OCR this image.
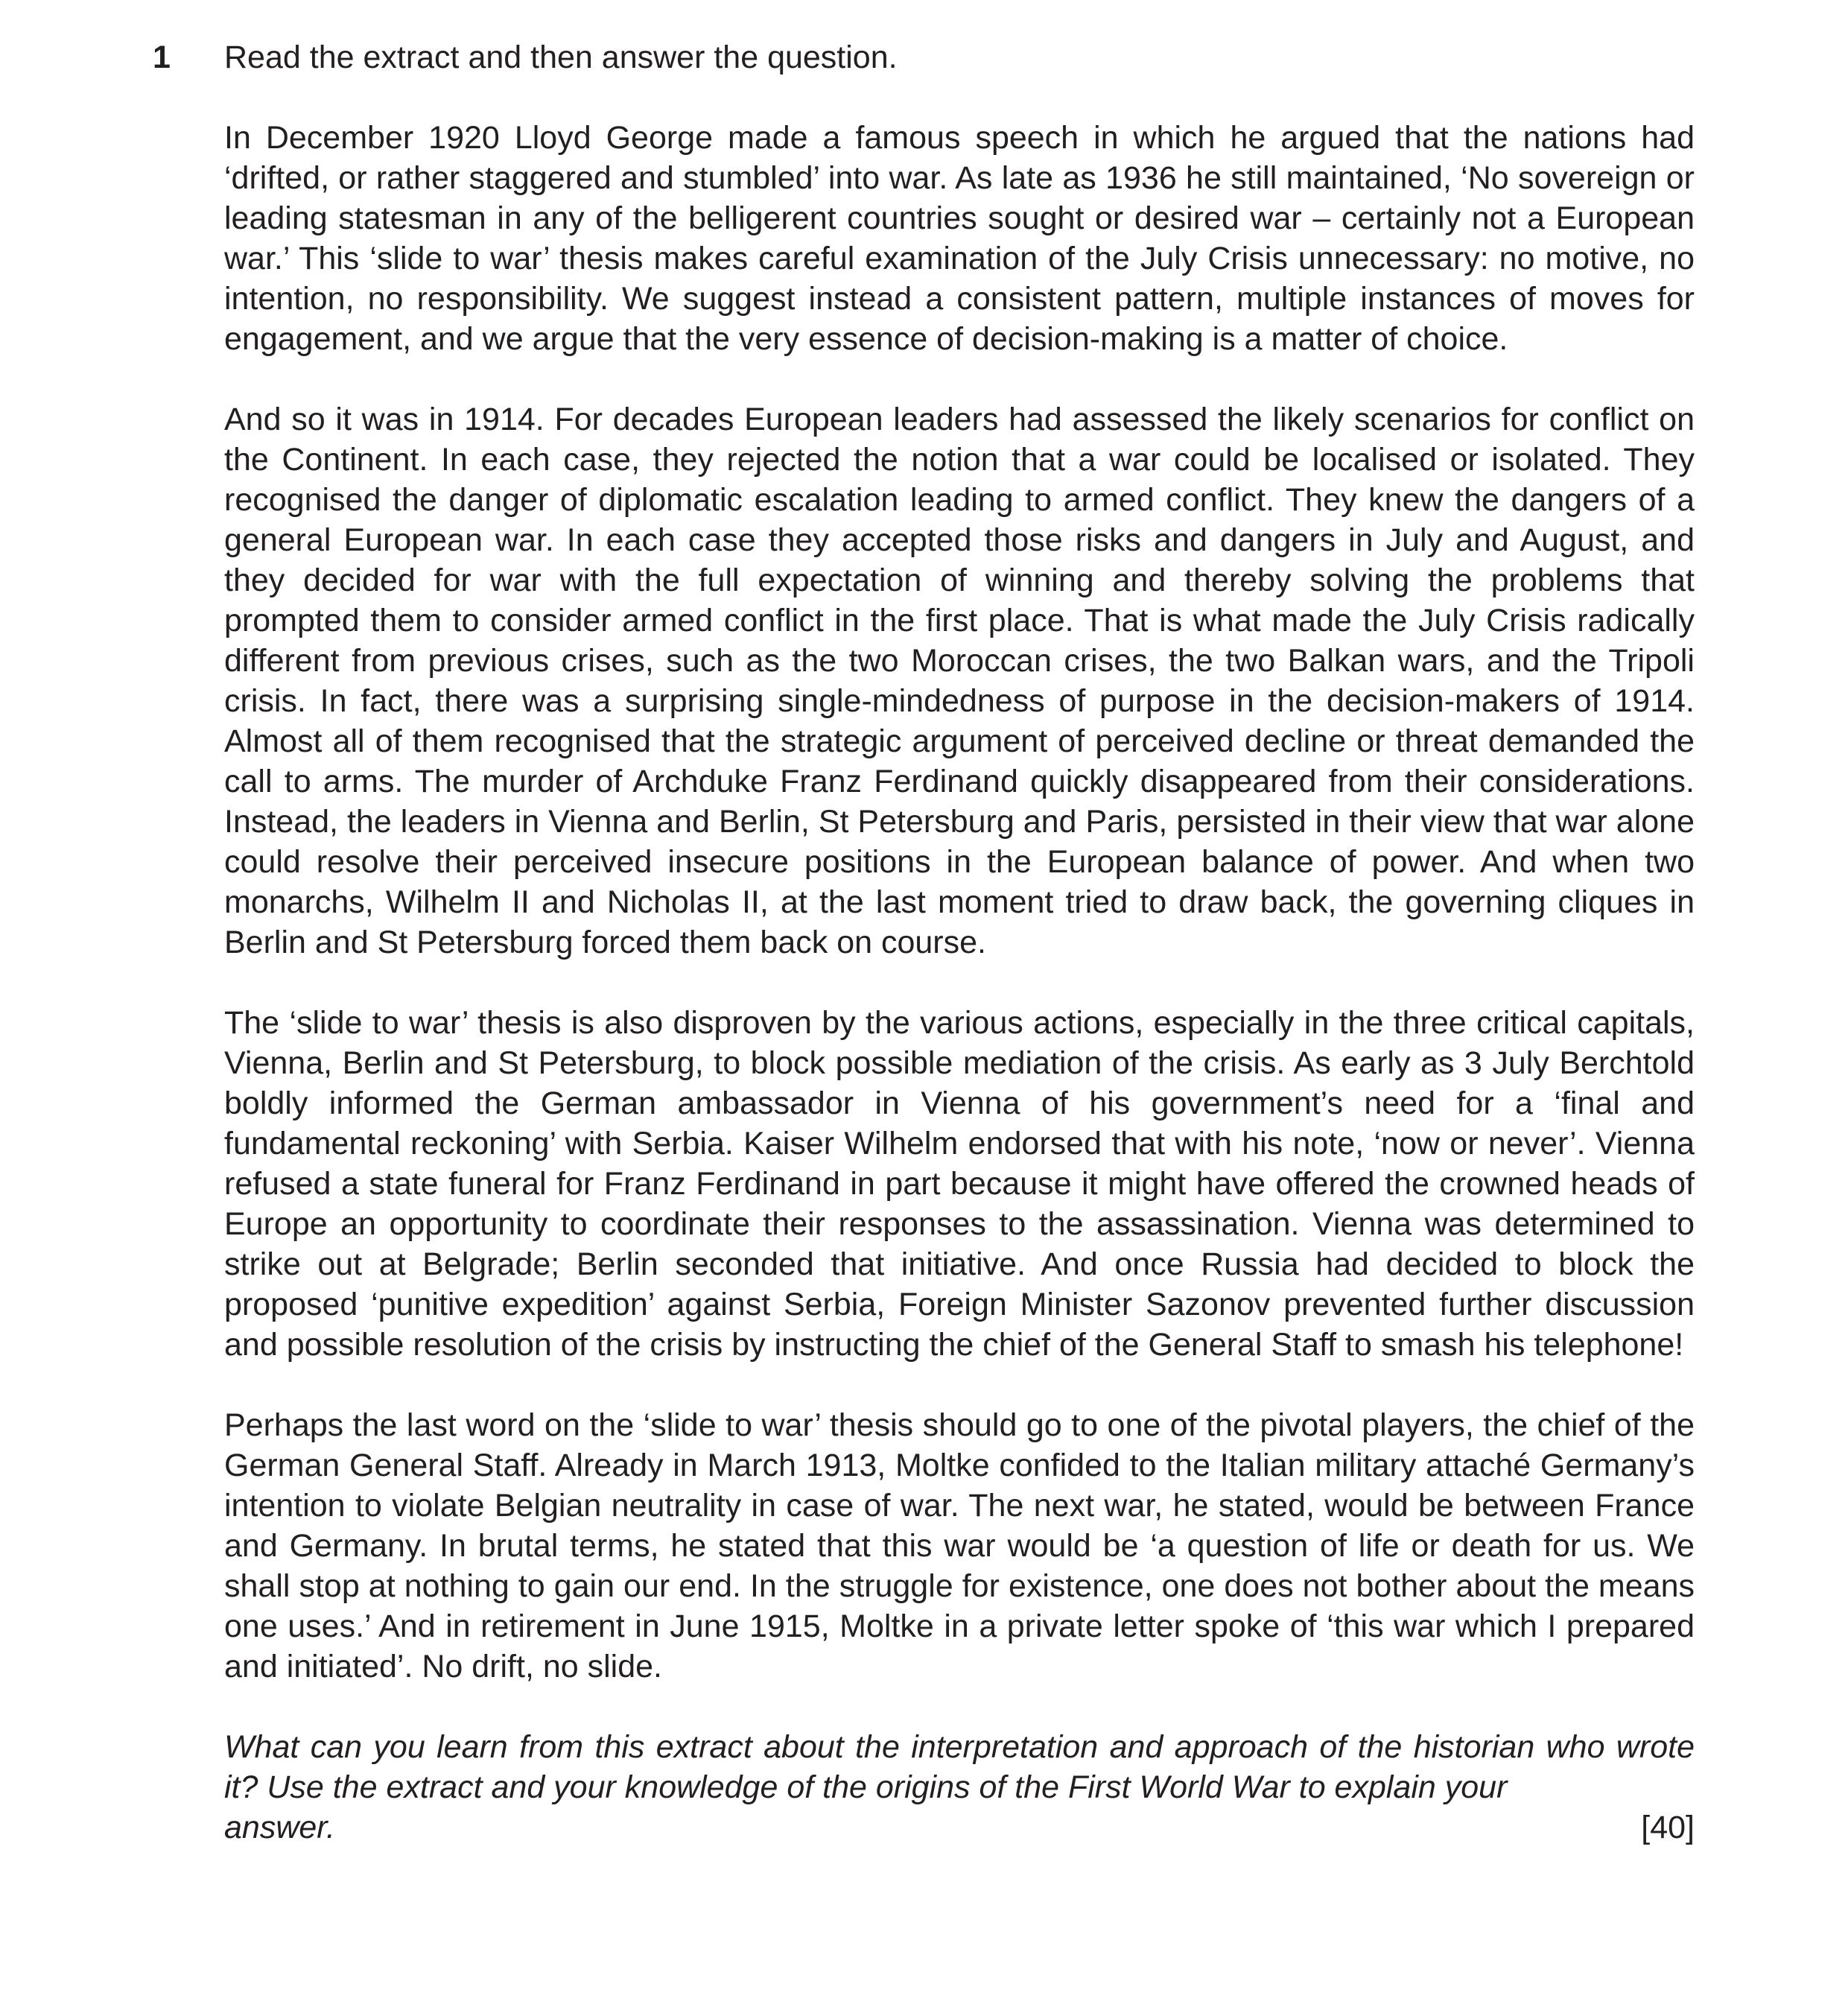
1 Read the extract and then answer the question.

In December 1920 Lloyd George made a famous speech in which he argued that the nations had ‘drifted, or rather staggered and stumbled’ into war. As late as 1936 he still maintained, ‘No sovereign or leading statesman in any of the belligerent countries sought or desired war – certainly not a European war.’ This ‘slide to war’ thesis makes careful examination of the July Crisis unnecessary: no motive, no intention, no responsibility. We suggest instead a consistent pattern, multiple instances of moves for engagement, and we argue that the very essence of decision-making is a matter of choice.

And so it was in 1914. For decades European leaders had assessed the likely scenarios for conflict on the Continent. In each case, they rejected the notion that a war could be localised or isolated. They recognised the danger of diplomatic escalation leading to armed conflict. They knew the dangers of a general European war. In each case they accepted those risks and dangers in July and August, and they decided for war with the full expectation of winning and thereby solving the problems that prompted them to consider armed conflict in the first place. That is what made the July Crisis radically different from previous crises, such as the two Moroccan crises, the two Balkan wars, and the Tripoli crisis. In fact, there was a surprising single-mindedness of purpose in the decision-makers of 1914. Almost all of them recognised that the strategic argument of perceived decline or threat demanded the call to arms. The murder of Archduke Franz Ferdinand quickly disappeared from their considerations. Instead, the leaders in Vienna and Berlin, St Petersburg and Paris, persisted in their view that war alone could resolve their perceived insecure positions in the European balance of power. And when two monarchs, Wilhelm II and Nicholas II, at the last moment tried to draw back, the governing cliques in Berlin and St Petersburg forced them back on course.

The ‘slide to war’ thesis is also disproven by the various actions, especially in the three critical capitals, Vienna, Berlin and St Petersburg, to block possible mediation of the crisis. As early as 3 July Berchtold boldly informed the German ambassador in Vienna of his government’s need for a ‘final and fundamental reckoning’ with Serbia. Kaiser Wilhelm endorsed that with his note, ‘now or never’. Vienna refused a state funeral for Franz Ferdinand in part because it might have offered the crowned heads of Europe an opportunity to coordinate their responses to the assassination. Vienna was determined to strike out at Belgrade; Berlin seconded that initiative. And once Russia had decided to block the proposed ‘punitive expedition’ against Serbia, Foreign Minister Sazonov prevented further discussion and possible resolution of the crisis by instructing the chief of the General Staff to smash his telephone!

Perhaps the last word on the ‘slide to war’ thesis should go to one of the pivotal players, the chief of the German General Staff. Already in March 1913, Moltke confided to the Italian military attaché Germany’s intention to violate Belgian neutrality in case of war. The next war, he stated, would be between France and Germany. In brutal terms, he stated that this war would be ‘a question of life or death for us. We shall stop at nothing to gain our end. In the struggle for existence, one does not bother about the means one uses.’ And in retirement in June 1915, Moltke in a private letter spoke of ‘this war which I prepared and initiated’. No drift, no slide.

What can you learn from this extract about the interpretation and approach of the historian who wrote it? Use the extract and your knowledge of the origins of the First World War to explain your

answer.	[40]
